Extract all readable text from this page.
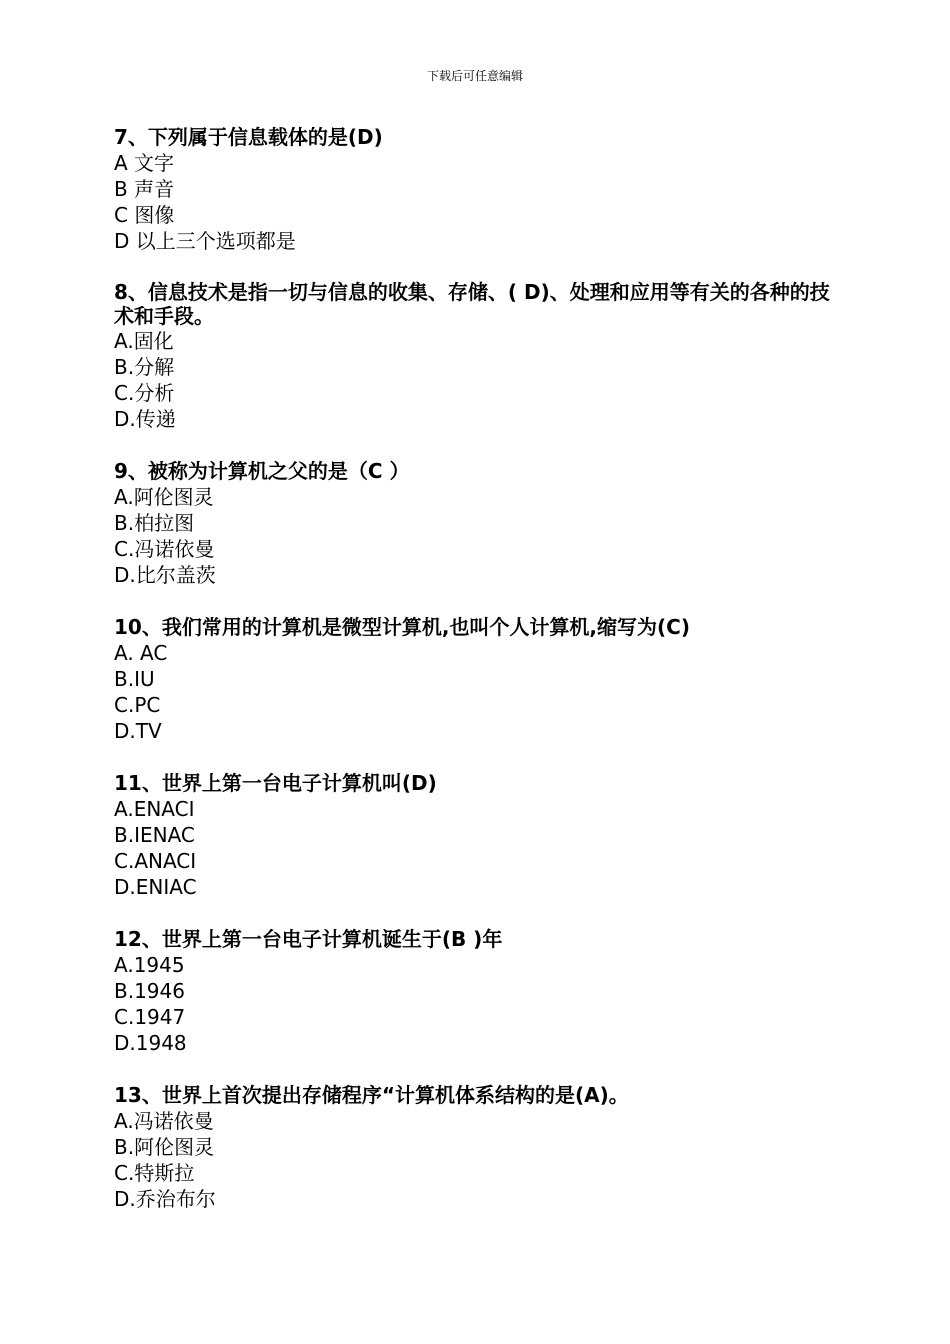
下载后可任意编辑
7、下列属于信息载体的是(D)
A 文字
B 声音
C 图像
D 以上三个选项都是
8、信息技术是指一切与信息的收集、存储、( D)、处理和应用等有关的各种的技术和手段。
A.固化
B.分解
C.分析
D.传递
9、被称为计算机之父的是（C ）
A.阿伦图灵
B.柏拉图
C.冯诺依曼
D.比尔盖茨
10、我们常用的计算机是微型计算机,也叫个人计算机,缩写为(C)
A. AC
B.IU
C.PC
D.TV
11、世界上第一台电子计算机叫(D)
A.ENACI
B.IENAC
C.ANACI
D.ENIAC
12、世界上第一台电子计算机诞生于(B )年
A.1945
B.1946
C.1947
D.1948
13、世界上首次提出存储程序“计算机体系结构的是(A)。
A.冯诺依曼
B.阿伦图灵
C.特斯拉
D.乔治布尔
